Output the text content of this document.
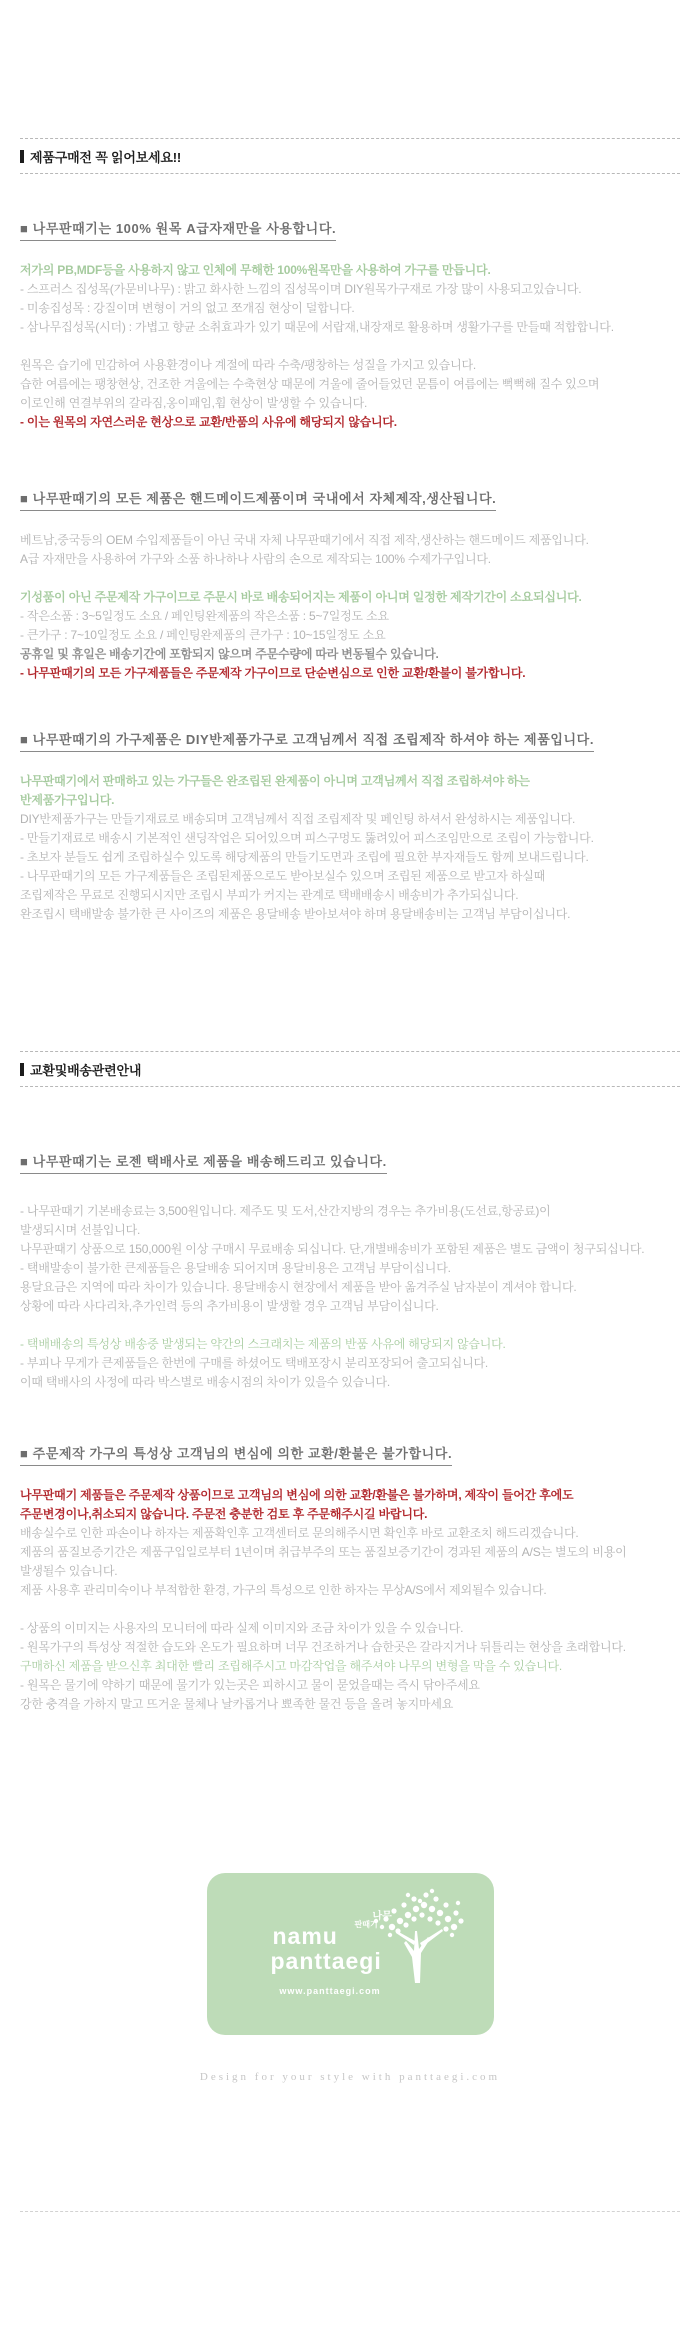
제품구매전 꼭 읽어보세요!!
■ 나무판때기는 100% 원목 A급자재만을 사용합니다.
저가의 PB,MDF등을 사용하지 않고 인체에 무해한 100%원목만을 사용하여 가구를 만듭니다.
- 스프러스 집성목(가문비나무) : 밝고 화사한 느낌의 집성목이며 DIY원목가구재로 가장 많이 사용되고있습니다.
- 미송집성목 : 강질이며 변형이 거의 없고 쪼개짐 현상이 덜합니다.
- 삼나무집성목(시더) : 가볍고 향균 소취효과가 있기 때문에 서랍재,내장재로 활용하며 생활가구를 만들때 적합합니다.
원목은 습기에 민감하여 사용환경이나 계절에 따라 수축/팽창하는 성질을 가지고 있습니다.
습한 여름에는 팽창현상, 건조한 겨울에는 수축현상 때문에 겨울에 줄어들었던 문틈이 여름에는 뻑뻑해 질수 있으며
이로인해 연결부위의 갈라짐,옹이패임,휨 현상이 발생할 수 있습니다.
- 이는 원목의 자연스러운 현상으로 교환/반품의 사유에 해당되지 않습니다.
■ 나무판때기의 모든 제품은 핸드메이드제품이며 국내에서 자체제작,생산됩니다.
베트남,중국등의 OEM 수입제품들이 아닌 국내 자체 나무판때기에서 직접 제작,생산하는 핸드메이드 제품입니다.
A급 자재만을 사용하여 가구와 소품 하나하나 사람의 손으로 제작되는 100% 수제가구입니다.
기성품이 아닌 주문제작 가구이므로 주문시 바로 배송되어지는 제품이 아니며 일정한 제작기간이 소요되십니다.
- 작은소품 : 3~5일정도 소요 / 페인팅완제품의 작은소품 : 5~7일정도 소요
- 큰가구 : 7~10일정도 소요 / 페인팅완제품의 큰가구 : 10~15일정도 소요
공휴일 및 휴일은 배송기간에 포함되지 않으며 주문수량에 따라 변동될수 있습니다.
- 나무판때기의 모든 가구제품들은 주문제작 가구이므로 단순변심으로 인한 교환/환불이 불가합니다.
■ 나무판때기의 가구제품은 DIY반제품가구로 고객님께서 직접 조립제작 하셔야 하는 제품입니다.
나무판때기에서 판매하고 있는 가구들은 완조립된 완제품이 아니며 고객님께서 직접 조립하셔야 하는
반제품가구입니다.
DIY반제품가구는 만들기재료로 배송되며 고객님께서 직접 조립제작 및 페인팅 하셔서 완성하시는 제품입니다.
- 만들기재료로 배송시 기본적인 샌딩작업은 되어있으며 피스구멍도 뚫려있어 피스조임만으로 조립이 가능합니다.
- 초보자 분들도 쉽게 조립하실수 있도록 해당제품의 만들기도면과 조립에 필요한 부자재들도 함께 보내드립니다.
- 나무판때기의 모든 가구제품들은 조립된제품으로도 받아보실수 있으며 조립된 제품으로 받고자 하실때
조립제작은 무료로 진행되시지만 조립시 부피가 커지는 관계로 택배배송시 배송비가 추가되십니다.
완조립시 택배발송 불가한 큰 사이즈의 제품은 용달배송 받아보셔야 하며 용달배송비는 고객님 부담이십니다.
교환및배송관련안내
■ 나무판때기는 로젠 택배사로 제품을 배송해드리고 있습니다.
- 나무판때기 기본배송료는 3,500원입니다. 제주도 및 도서,산간지방의 경우는 추가비용(도선료,항공료)이
발생되시며 선불입니다.
나무판때기 상품으로 150,000원 이상 구매시 무료배송 되십니다. 단,개별배송비가 포함된 제품은 별도 금액이 청구되십니다.
- 택배발송이 불가한 큰제품들은 용달배송 되어지며 용달비용은 고객님 부담이십니다.
용달요금은 지역에 따라 차이가 있습니다. 용달배송시 현장에서 제품을 받아 옮겨주실 남자분이 계셔야 합니다.
상황에 따라 사다리차,추가인력 등의 추가비용이 발생할 경우 고객님 부담이십니다.
- 택배배송의 특성상 배송중 발생되는 약간의 스크래치는 제품의 반품 사유에 해당되지 않습니다.
- 부피나 무게가 큰제품들은 한번에 구매를 하셨어도 택배포장시 분리포장되어 출고되십니다.
이때 택배사의 사정에 따라 박스별로 배송시점의 차이가 있을수 있습니다.
■ 주문제작 가구의 특성상 고객님의 변심에 의한 교환/환불은 불가합니다.
나무판때기 제품들은 주문제작 상품이므로 고객님의 변심에 의한 교환/환불은 불가하며, 제작이 들어간 후에도
주문변경이나,취소되지 않습니다. 주문전 충분한 검토 후 주문해주시길 바랍니다.
배송실수로 인한 파손이나 하자는 제품확인후 고객센터로 문의해주시면 확인후 바로 교환조치 해드리겠습니다.
제품의 품질보증기간은 제품구입일로부터 1년이며 취급부주의 또는 품질보증기간이 경과된 제품의 A/S는 별도의 비용이
발생될수 있습니다.
제품 사용후 관리미숙이나 부적합한 환경, 가구의 특성으로 인한 하자는 무상A/S에서 제외될수 있습니다.
- 상품의 이미지는 사용자의 모니터에 따라 실제 이미지와 조금 차이가 있을 수 있습니다.
- 원목가구의 특성상 적절한 습도와 온도가 필요하며 너무 건조하거나 습한곳은 갈라지거나 뒤틀리는 현상을 초래합니다.
구매하신 제품을 받으신후 최대한 빨리 조립해주시고 마감작업을 해주셔야 나무의 변형을 막을 수 있습니다.
- 원목은 물기에 약하기 때문에 물기가 있는곳은 피하시고 물이 묻었을때는 즉시 닦아주세요
강한 충격을 가하지 말고 뜨거운 물체나 날카롭거나 뾰족한 물건 등을 올려 놓지마세요
나무
판때기
namu
panttaegi
www.panttaegi.com
Design for your style with panttaegi.com
